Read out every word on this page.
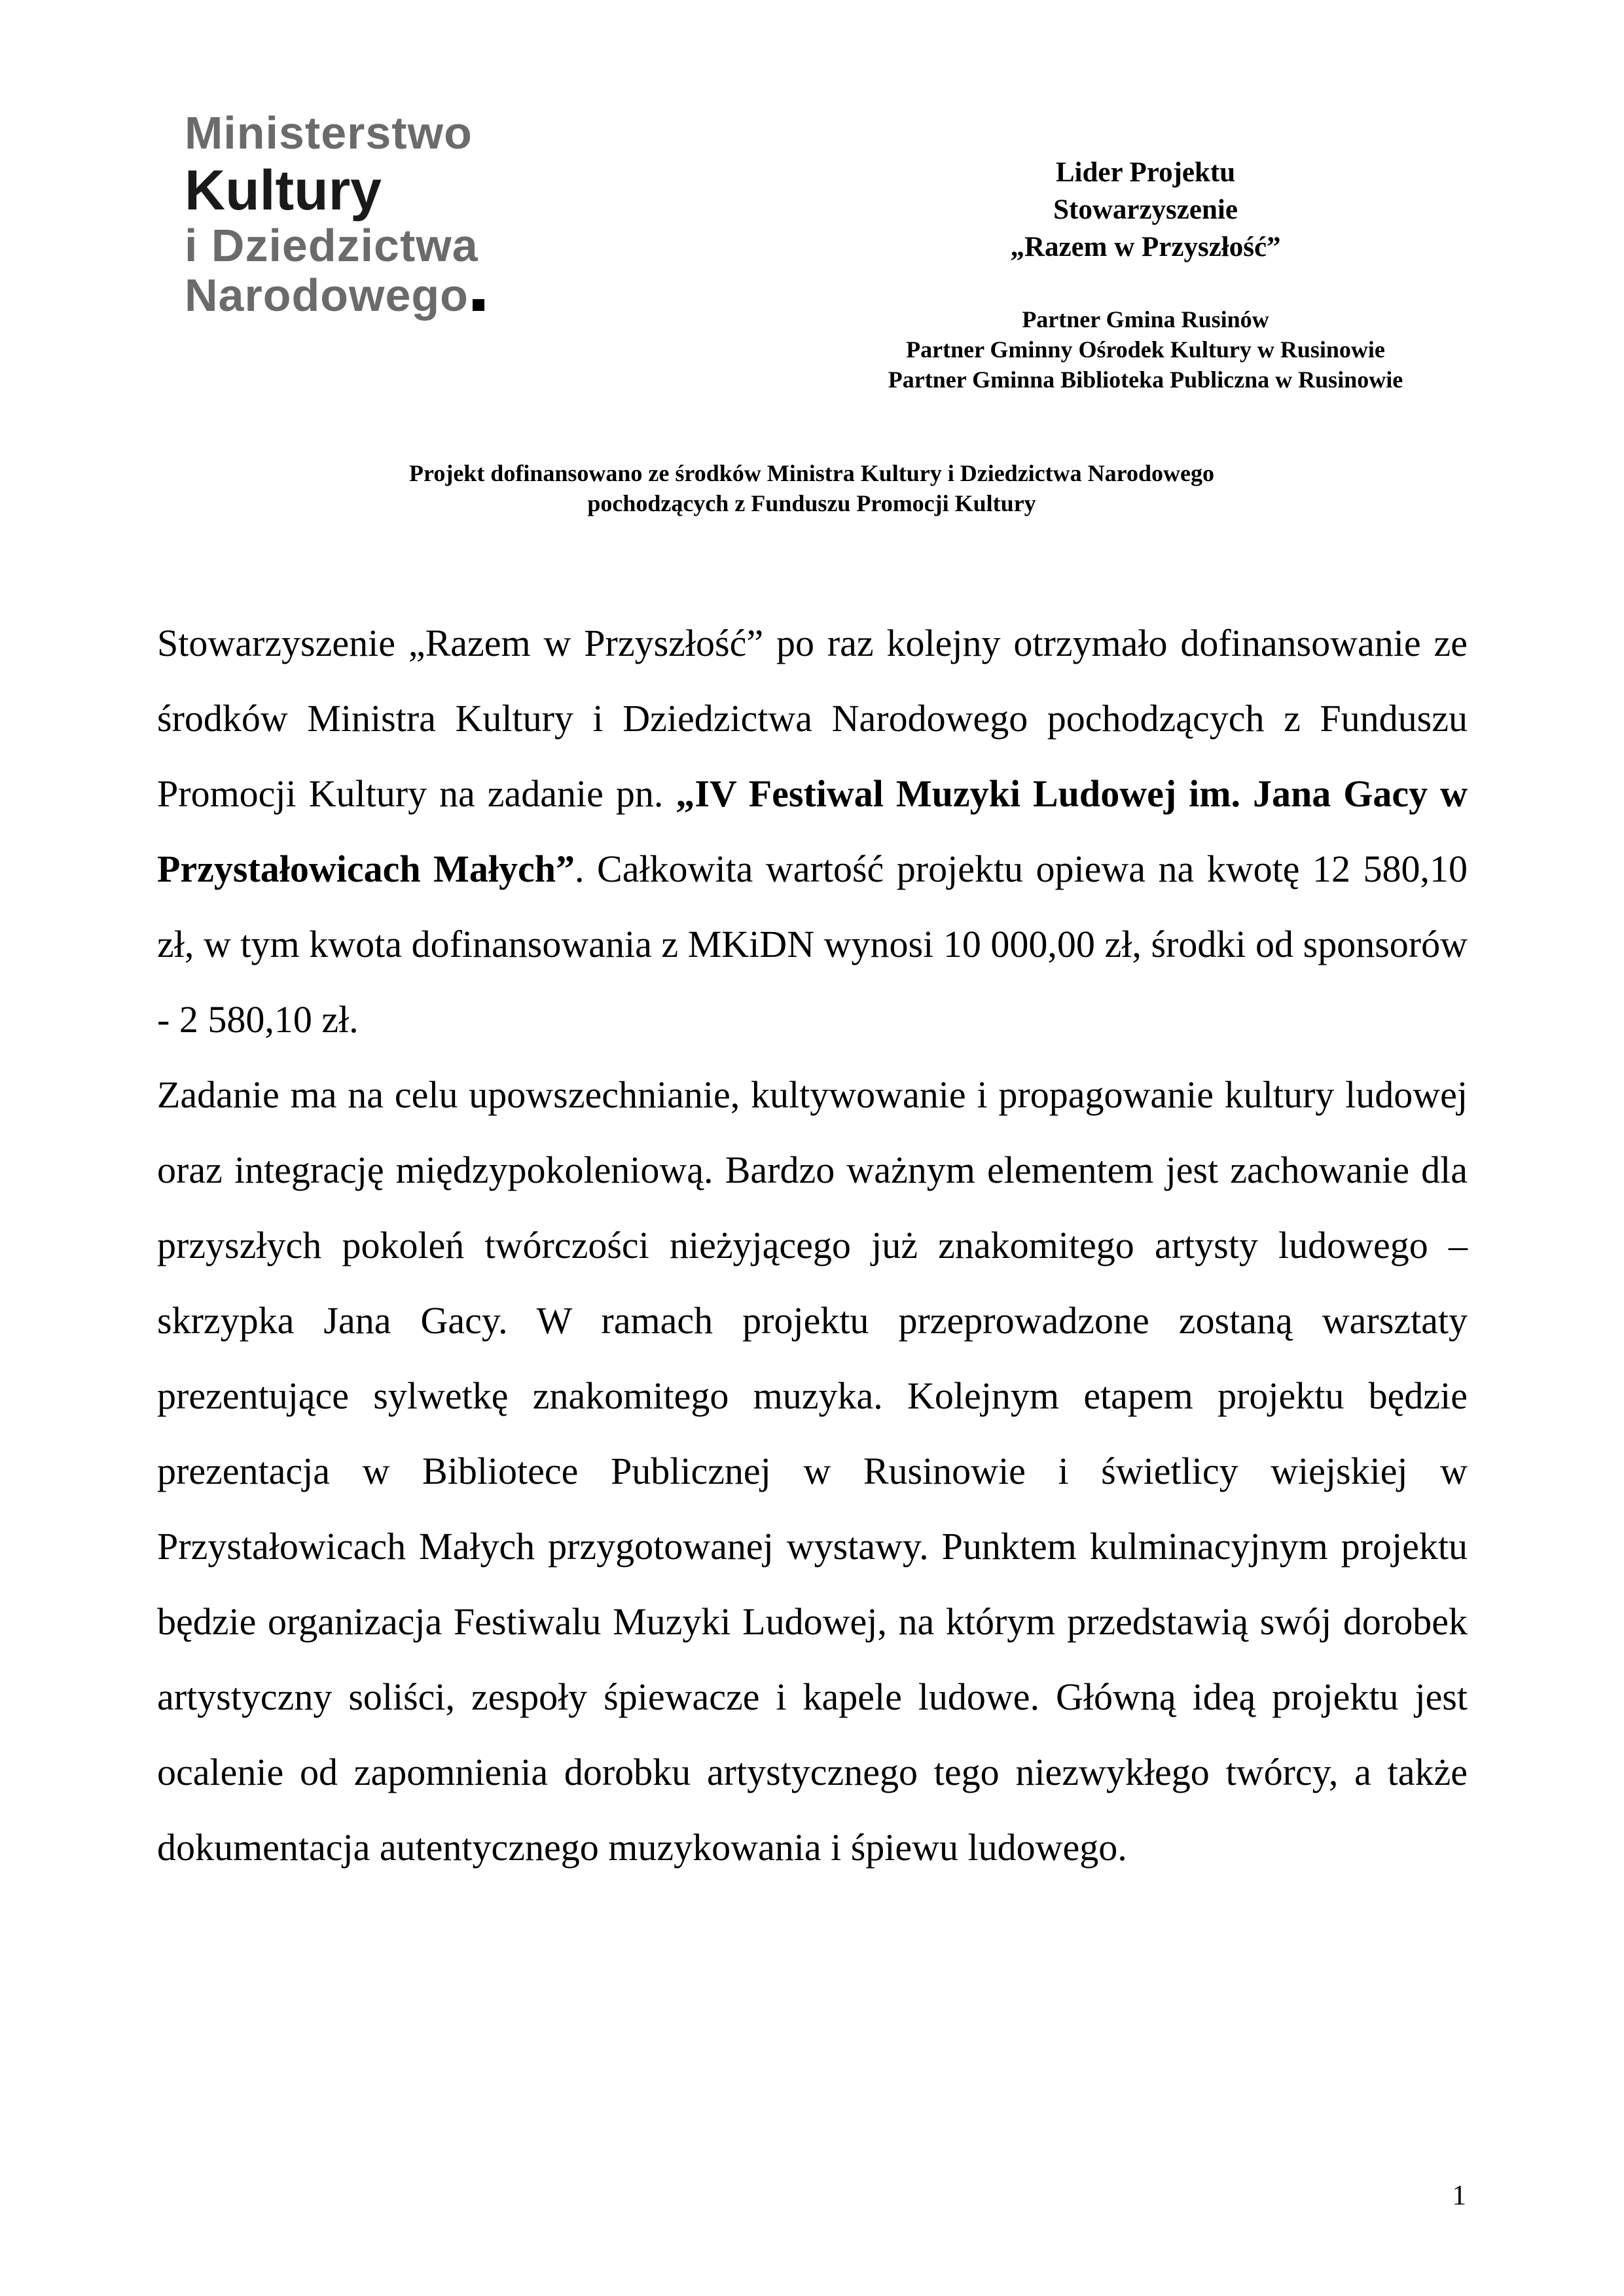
Ministerstwo
Kultury
i Dziedzictwa
Narodowego
Lider Projektu
Stowarzyszenie
„Razem w Przyszłość”
Partner Gmina Rusinów
Partner Gminny Ośrodek Kultury w Rusinowie
Partner Gminna Biblioteka Publiczna w Rusinowie
Projekt dofinansowano ze środków Ministra Kultury i Dziedzictwa Narodowego
pochodzących z Funduszu Promocji Kultury

Stowarzyszenie „Razem w Przyszłość” po raz kolejny otrzymało dofinansowanie ze środków Ministra Kultury i Dziedzictwa Narodowego pochodzących z Funduszu Promocji Kultury na zadanie pn. „IV Festiwal Muzyki Ludowej im. Jana Gacy w Przystałowicach Małych”. Całkowita wartość projektu opiewa na kwotę 12 580,10 zł, w tym kwota dofinansowania z MKiDN wynosi 10 000,00 zł, środki od sponsorów - 2 580,10 zł.

Zadanie ma na celu upowszechnianie, kultywowanie i propagowanie kultury ludowej oraz integrację międzypokoleniową. Bardzo ważnym elementem jest zachowanie dla przyszłych pokoleń twórczości nieżyjącego już znakomitego artysty ludowego – skrzypka Jana Gacy. W ramach projektu przeprowadzone zostaną warsztaty prezentujące sylwetkę znakomitego muzyka. Kolejnym etapem projektu będzie prezentacja w Bibliotece Publicznej w Rusinowie i świetlicy wiejskiej w Przystałowicach Małych przygotowanej wystawy. Punktem kulminacyjnym projektu będzie organizacja Festiwalu Muzyki Ludowej, na którym przedstawią swój dorobek artystyczny soliści, zespoły śpiewacze i kapele ludowe. Główną ideą projektu jest ocalenie od zapomnienia dorobku artystycznego tego niezwykłego twórcy, a także dokumentacja autentycznego muzykowania i śpiewu ludowego.

1
